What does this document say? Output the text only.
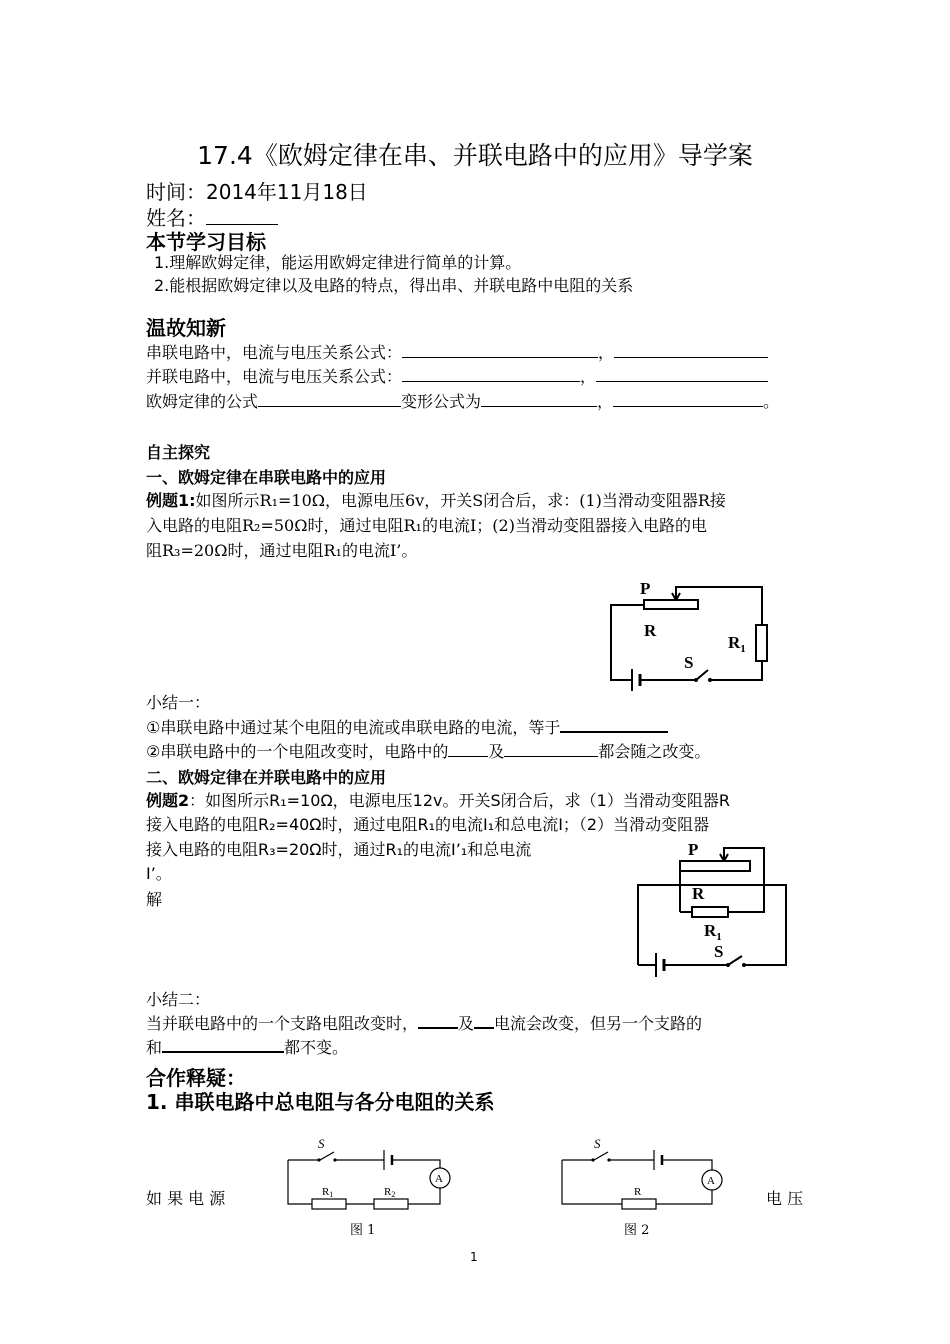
17.4《欧姆定律在串、并联电路中的应用》导学案
时间：2014年11月18日
姓名：
本节学习目标
1.理解欧姆定律，能运用欧姆定律进行简单的计算。
2.能根据欧姆定律以及电路的特点，得出串、并联电路中电阻的关系
温故知新
串联电路中，电流与电压关系公式：	，
并联电路中，电流与电压关系公式：	，
欧姆定律的公式	变形公式为	，	。
自主探究
一、欧姆定律在串联电路中的应用
例题1:如图所示R₁=10Ω，电源电压6v，开关S闭合后，求：(1)当滑动变阻器R接
入电路的电阻R₂=50Ω时，通过电阻R₁的电流I；(2)当滑动变阻器接入电路的电
阻R₃=20Ω时，通过电阻R₁的电流I’。
P
R
$R_1$
S
小结一：
①串联电路中通过某个电阻的电流或串联电路的电流，等于
②串联电路中的一个电阻改变时，电路中的	及	都会随之改变。
二、欧姆定律在并联电路中的应用
例题2：如图所示R₁=10Ω，电源电压12v。开关S闭合后，求（1）当滑动变阻器R
接入电路的电阻R₂=40Ω时，通过电阻R₁的电流I₁和总电流I；（2）当滑动变阻器
接入电路的电阻R₃=20Ω时，通过R₁的电流I’₁和总电流
I’。
解
P
R
$R_1$
S
小结二：
当并联电路中的一个支路电阻改变时，	及 电流会改变，但另一个支路的
和	都不变。
合作释疑：
1. 串联电路中总电阻与各分电阻的关系
S
A
R1	R2
图 1
S
A
R
图 2
如 果 电 源	电 压
1
